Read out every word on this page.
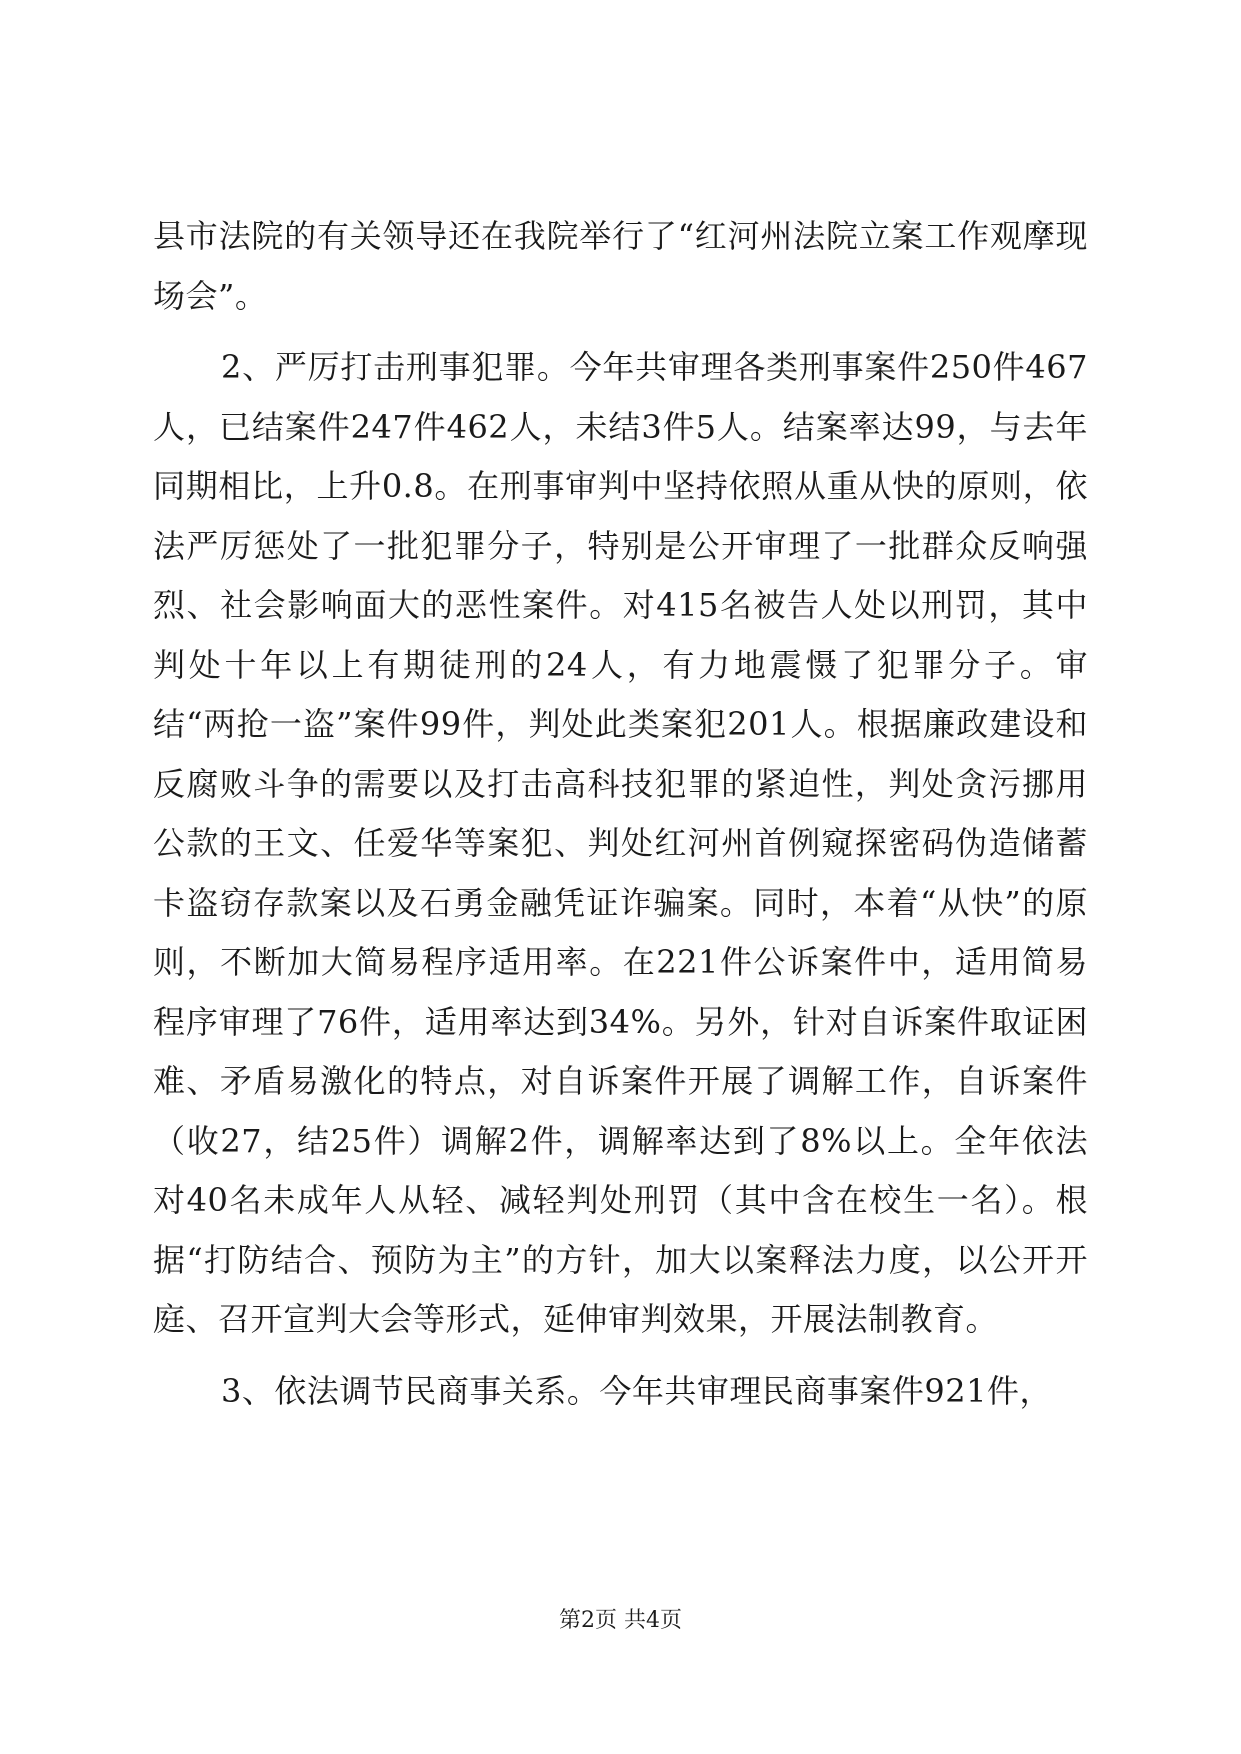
县市法院的有关领导还在我院举行了“红河州法院立案工作观摩现场会”。

2、严厉打击刑事犯罪。今年共审理各类刑事案件250件467人，已结案件247件462人，未结3件5人。结案率达99，与去年同期相比，上升0.8。在刑事审判中坚持依照从重从快的原则，依法严厉惩处了一批犯罪分子，特别是公开审理了一批群众反响强烈、社会影响面大的恶性案件。对415名被告人处以刑罚，其中判处十年以上有期徒刑的24人，有力地震慑了犯罪分子。审结“两抢一盗”案件99件，判处此类案犯201人。根据廉政建设和反腐败斗争的需要以及打击高科技犯罪的紧迫性，判处贪污挪用公款的王文、任爱华等案犯、判处红河州首例窥探密码伪造储蓄卡盗窃存款案以及石勇金融凭证诈骗案。同时，本着“从快”的原则，不断加大简易程序适用率。在221件公诉案件中，适用简易程序审理了76件，适用率达到34%。另外，针对自诉案件取证困难、矛盾易激化的特点，对自诉案件开展了调解工作，自诉案件（收27，结25件）调解2件，调解率达到了8%以上。全年依法对40名未成年人从轻、减轻判处刑罚（其中含在校生一名）。根据“打防结合、预防为主”的方针，加大以案释法力度，以公开开庭、召开宣判大会等形式，延伸审判效果，开展法制教育。

3、依法调节民商事关系。今年共审理民商事案件921件，

第2页 共4页
